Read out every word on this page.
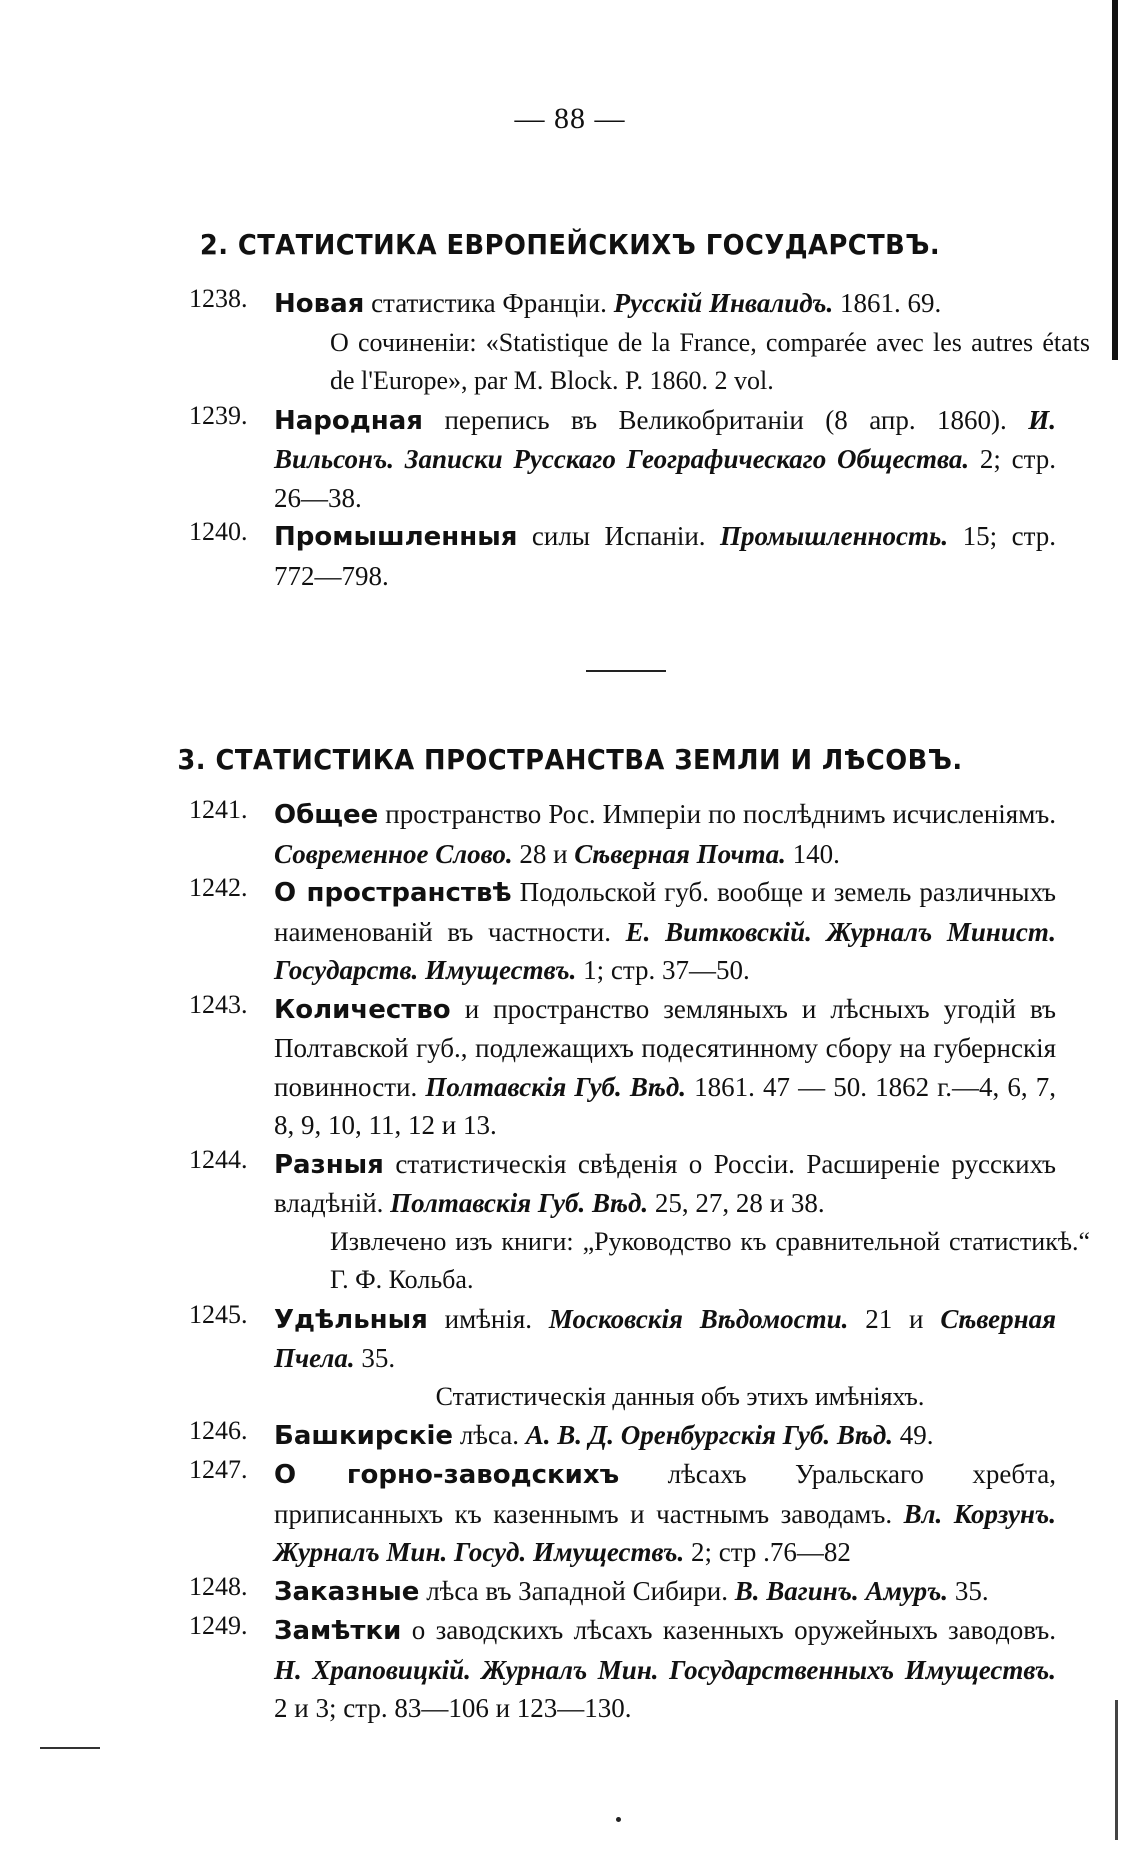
— 88 —
2. СТАТИСТИКА ЕВРОПЕЙСКИХЪ ГОСУДАРСТВЪ.
1238.	Новая статистика Франціи. Русскій Инвалидъ. 1861. 69.
О сочиненіи: «Statistique de la France, comparée avec les autres états de l'Europe», par M. Block. P. 1860. 2 vol.
1239.	Народная перепись въ Великобританіи (8 апр. 1860). И. Вильсонъ. Записки Русскаго Географическаго Общества. 2; стр. 26—38.
1240.	Промышленныя силы Испаніи. Промышленность. 15; стр. 772—798.
3. СТАТИСТИКА ПРОСТРАНСТВА ЗЕМЛИ И ЛѢСОВЪ.
1241.	Общее пространство Рос. Имперіи по послѣднимъ исчисленіямъ. Современное Слово. 28 и Сѣверная Почта. 140.
1242.	О пространствѣ Подольской губ. вообще и земель различныхъ наименованій въ частности. Е. Витковскій. Журналъ Минист. Государств. Имуществъ. 1; стр. 37—50.
1243.	Количество и пространство земляныхъ и лѣсныхъ угодій въ Полтавской губ., подлежащихъ подесятинному сбору на губернскія повинности. Полтавскія Губ. Вѣд. 1861. 47 — 50. 1862 г.—4, 6, 7, 8, 9, 10, 11, 12 и 13.
1244.	Разныя статистическія свѣденія о Россіи. Расширеніе русскихъ владѣній. Полтавскія Губ. Вѣд. 25, 27, 28 и 38.
Извлечено изъ книги: „Руководство къ сравнительной статистикѣ.“ Г. Ф. Кольба.
1245.	Удѣльныя имѣнія. Московскія Вѣдомости. 21 и Сѣверная Пчела. 35.
Статистическія данныя объ этихъ имѣніяхъ.
1246.	Башкирскіе лѣса. А. В. Д. Оренбургскія Губ. Вѣд. 49.
1247.	О горно-заводскихъ лѣсахъ Уральскаго хребта, приписанныхъ къ казеннымъ и частнымъ заводамъ. Вл. Корзунъ. Журналъ Мин. Госуд. Имуществъ. 2; стр .76—82
1248.	Заказные лѣса въ Западной Сибири. В. Вагинъ. Амуръ. 35.
1249.	Замѣтки о заводскихъ лѣсахъ казенныхъ оружейныхъ заводовъ. Н. Храповицкій. Журналъ Мин. Государственныхъ Имуществъ. 2 и 3; стр. 83—106 и 123—130.
